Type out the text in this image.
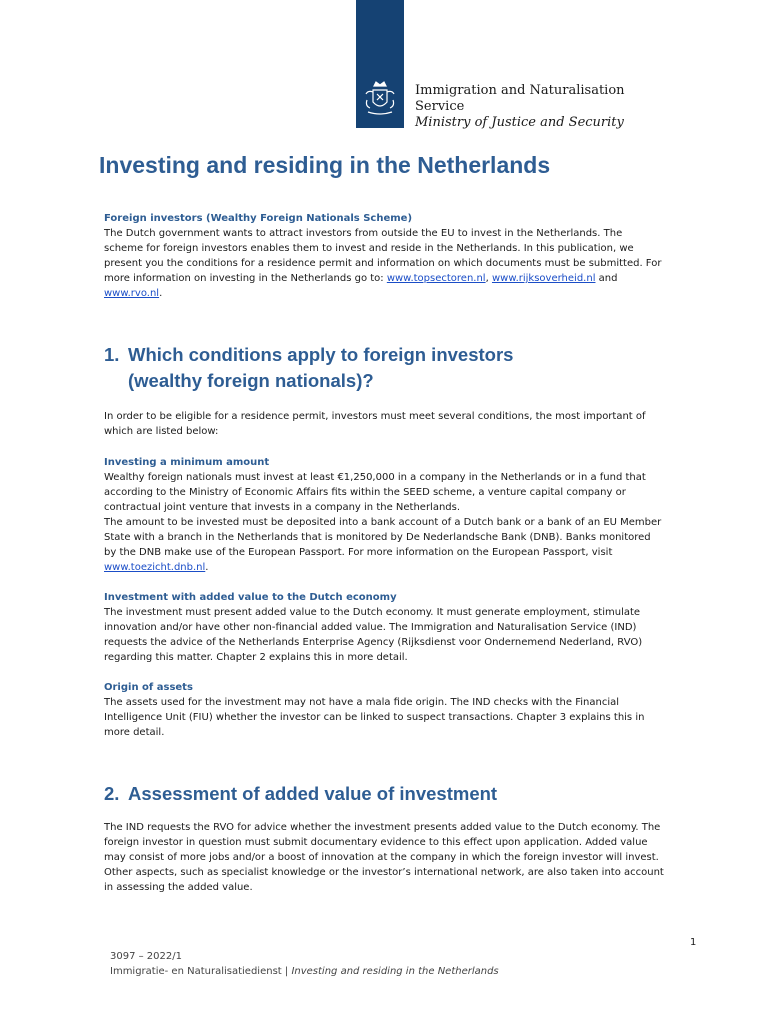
Immigration and Naturalisation
Service
Ministry of Justice and Security
Investing and residing in the Netherlands
Foreign investors (Wealthy Foreign Nationals Scheme)

The Dutch government wants to attract investors from outside the EU to invest in the Netherlands. The scheme for foreign investors enables them to invest and reside in the Netherlands. In this publication, we present you the conditions for a residence permit and information on which documents must be submitted. For more information on investing in the Netherlands go to: www.topsectoren.nl, www.rijksoverheid.nl and www.rvo.nl.

1. Which conditions apply to foreign investors
(wealthy foreign nationals)?

In order to be eligible for a residence permit, investors must meet several conditions, the most important of which are listed below:

Investing a minimum amount

Wealthy foreign nationals must invest at least €1,250,000 in a company in the Netherlands or in a fund that according to the Ministry of Economic Affairs fits within the SEED scheme, a venture capital company or contractual joint venture that invests in a company in the Netherlands.

The amount to be invested must be deposited into a bank account of a Dutch bank or a bank of an EU Member State with a branch in the Netherlands that is monitored by De Nederlandsche Bank (DNB). Banks monitored by the DNB make use of the European Passport. For more information on the European Passport, visit www.toezicht.dnb.nl.

Investment with added value to the Dutch economy

The investment must present added value to the Dutch economy. It must generate employment, stimulate innovation and/or have other non-financial added value. The Immigration and Naturalisation Service (IND) requests the advice of the Netherlands Enterprise Agency (Rijksdienst voor Ondernemend Nederland, RVO) regarding this matter. Chapter 2 explains this in more detail.

Origin of assets

The assets used for the investment may not have a mala fide origin. The IND checks with the Financial Intelligence Unit (FIU) whether the investor can be linked to suspect transactions. Chapter 3 explains this in more detail.

2. Assessment of added value of investment

The IND requests the RVO for advice whether the investment presents added value to the Dutch economy. The foreign investor in question must submit documentary evidence to this effect upon application. Added value may consist of more jobs and/or a boost of innovation at the company in which the foreign investor will invest. Other aspects, such as specialist knowledge or the investor’s international network, are also taken into account in assessing the added value.

1
3097 – 2022/1
Immigratie- en Naturalisatiedienst | Investing and residing in the Netherlands
